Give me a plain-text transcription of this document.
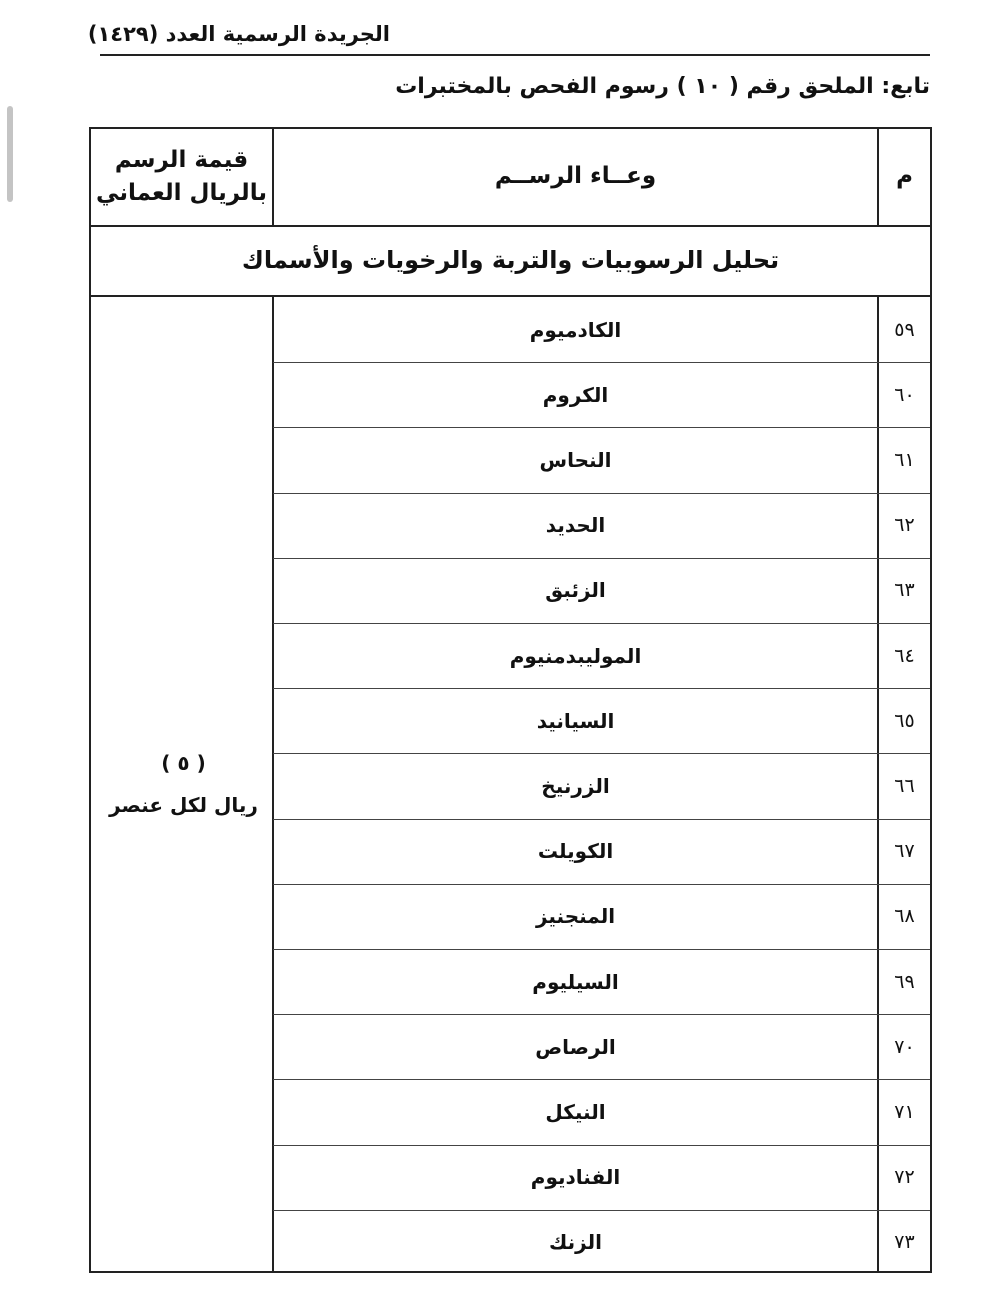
الجريدة الرسمية العدد (١٤٢٩)
تابع: الملحق رقم ( ١٠ ) رسوم الفحص بالمختبرات
م
وعــاء الرســم
قيمة الرسم
بالريال العماني
تحليل الرسوبيات والتربة والرخويات والأسماك
٥٩
الكادميوم
٦٠
الكروم
٦١
النحاس
٦٢
الحديد
٦٣
الزئبق
٦٤
الموليبدمنيوم
٦٥
السيانيد
٦٦
الزرنيخ
٦٧
الكويلت
٦٨
المنجنيز
٦٩
السيليوم
٧٠
الرصاص
٧١
النيكل
٧٢
الفناديوم
٧٣
الزنك
( ٥ )
ريال لكل عنصر
